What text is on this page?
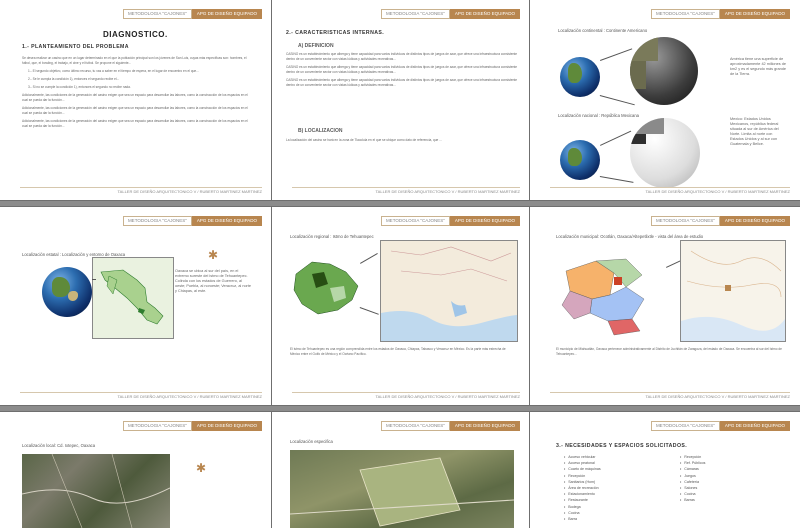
METODOLOGIA "CAJONES"	APG DE DISEÑO EQUIPADO
DIAGNOSTICO.
1.- PLANTEAMIENTO DEL PROBLEMA

Se desea realizar un casino que en un lugar determinado en el que la población principal son los jóvenes de San Luis, cuyas más específicas son: hombres, el futbol, que, el bowling, el trabajo, el cine y el futbol. Se propone el siguiente...

1.- El segundo objetivo, como último recurso, tu vas a saber en el tiempo de espera, en el lugar de encuentro en el que...

2.- Se le cumpla la condición 1), entonces el segundo recibe el...

3.- Si no se cumple la condición 1), entonces el segundo no recibe nada.

Adicionalmente, las condiciones de la generación del casino exigen que sea un espacio para desarrollar las labores, como la construcción de los espacios en el cual se pueda dar la función...

Adicionalmente, las condiciones de la generación del casino exigen que sea un espacio para desarrollar las labores, como la construcción de los espacios en el cual se pueda dar la función...

Adicionalmente, las condiciones de la generación del casino exigen que sea un espacio para desarrollar las labores, como la construcción de los espacios en el cual se pueda dar la función...

TALLER DE DISEÑO ARQUITECTONICO V / RUBERTO MARTINEZ MARTINEZ
METODOLOGIA "CAJONES"	APG DE DISEÑO EQUIPADO
2.- CARACTERISTICAS INTERNAS.
A) DEFINICION

CASINO es un establecimiento que alberga y tiene capacidad para varios individuos de distintos tipos de juegos de azar, que ofrece una infraestructura consistente dentro de un conveniente sector con vistas lúdicas y actividades recreativas...

CASINO es un establecimiento que alberga y tiene capacidad para varios individuos de distintos tipos de juegos de azar, que ofrece una infraestructura consistente dentro de un conveniente sector con vistas lúdicas y actividades recreativas...

CASINO es un establecimiento que alberga y tiene capacidad para varios individuos de distintos tipos de juegos de azar, que ofrece una infraestructura consistente dentro de un conveniente sector con vistas lúdicas y actividades recreativas...

B) LOCALIZACION

La localización del casino se hará en la zona de Tlacolula en el que se ubique como dato de referencia, que ...

TALLER DE DISEÑO ARQUITECTONICO V / RUBERTO MARTINEZ MARTINEZ
METODOLOGIA "CAJONES"	APG DE DISEÑO EQUIPADO
Localización continental : Continente Americano
América tiene una superficie de aproximadamente 42 millones de km2 y es el segundo más grande de la Tierra.
Localización nacional : República Mexicana
Mexico: Estados Unidos Mexicanos, república federal situada al sur de América del Norte. Limita al norte con Estados Unidos y al sur con Guatemala y Belice.
TALLER DE DISEÑO ARQUITECTONICO V / RUBERTO MARTINEZ MARTINEZ
METODOLOGIA "CAJONES"	APG DE DISEÑO EQUIPADO
Localización estatal : Localización y entorno de Oaxaca	✱
Oaxaca se ubica al sur del país, en el extremo sureste del istmo de Tehuantepec. Colinda con los estados de Guerrero, al oeste; Puebla, al noroeste; Veracruz, al norte y Chiapas, al este.
TALLER DE DISEÑO ARQUITECTONICO V / RUBERTO MARTINEZ MARTINEZ
METODOLOGIA "CAJONES"	APG DE DISEÑO EQUIPADO
Localización regional : Istmo de Tehuantepec
El istmo de Tehuantepec es una región comprendida entre los estados de Oaxaca, Chiapas, Tabasco y Veracruz en México. Es la parte más estrecha de México entre el Golfo de México y el Océano Pacífico.
TALLER DE DISEÑO ARQUITECTONICO V / RUBERTO MARTINEZ MARTINEZ
METODOLOGIA "CAJONES"	APG DE DISEÑO EQUIPADO
Localización municipal: Ocotlán, Oaxaca/Altepetlixtle - vista del área de estudio
El municipio de Miahuatlán, Oaxaca pertenece administrativamente al Distrito de Juchitán de Zaragoza, del estado de Oaxaca. Se encuentra al sur del Istmo de Tehuantepec...
TALLER DE DISEÑO ARQUITECTONICO V / RUBERTO MARTINEZ MARTINEZ
METODOLOGIA "CAJONES"	APG DE DISEÑO EQUIPADO
Localización local: Cd. Ixtepec, Oaxaca
✱
METODOLOGIA "CAJONES"	APG DE DISEÑO EQUIPADO
Localización especifica
METODOLOGIA "CAJONES"	APG DE DISEÑO EQUIPADO
3.- NECESIDADES Y ESPACIOS SOLICITADOS.
• Acceso vehicular
• Acceso peatonal
• Cuarto de máquinas
• Recepción
• Sanitarios (Hom)
• Área de recreación
• Estacionamiento
• Restaurante
• Bodega
• Cocina
• Barra
• Recepción
• Ref. Públicos
• Cámaras
• Juegos
• Cafetería
• Salones
• Cocina
• Barras
